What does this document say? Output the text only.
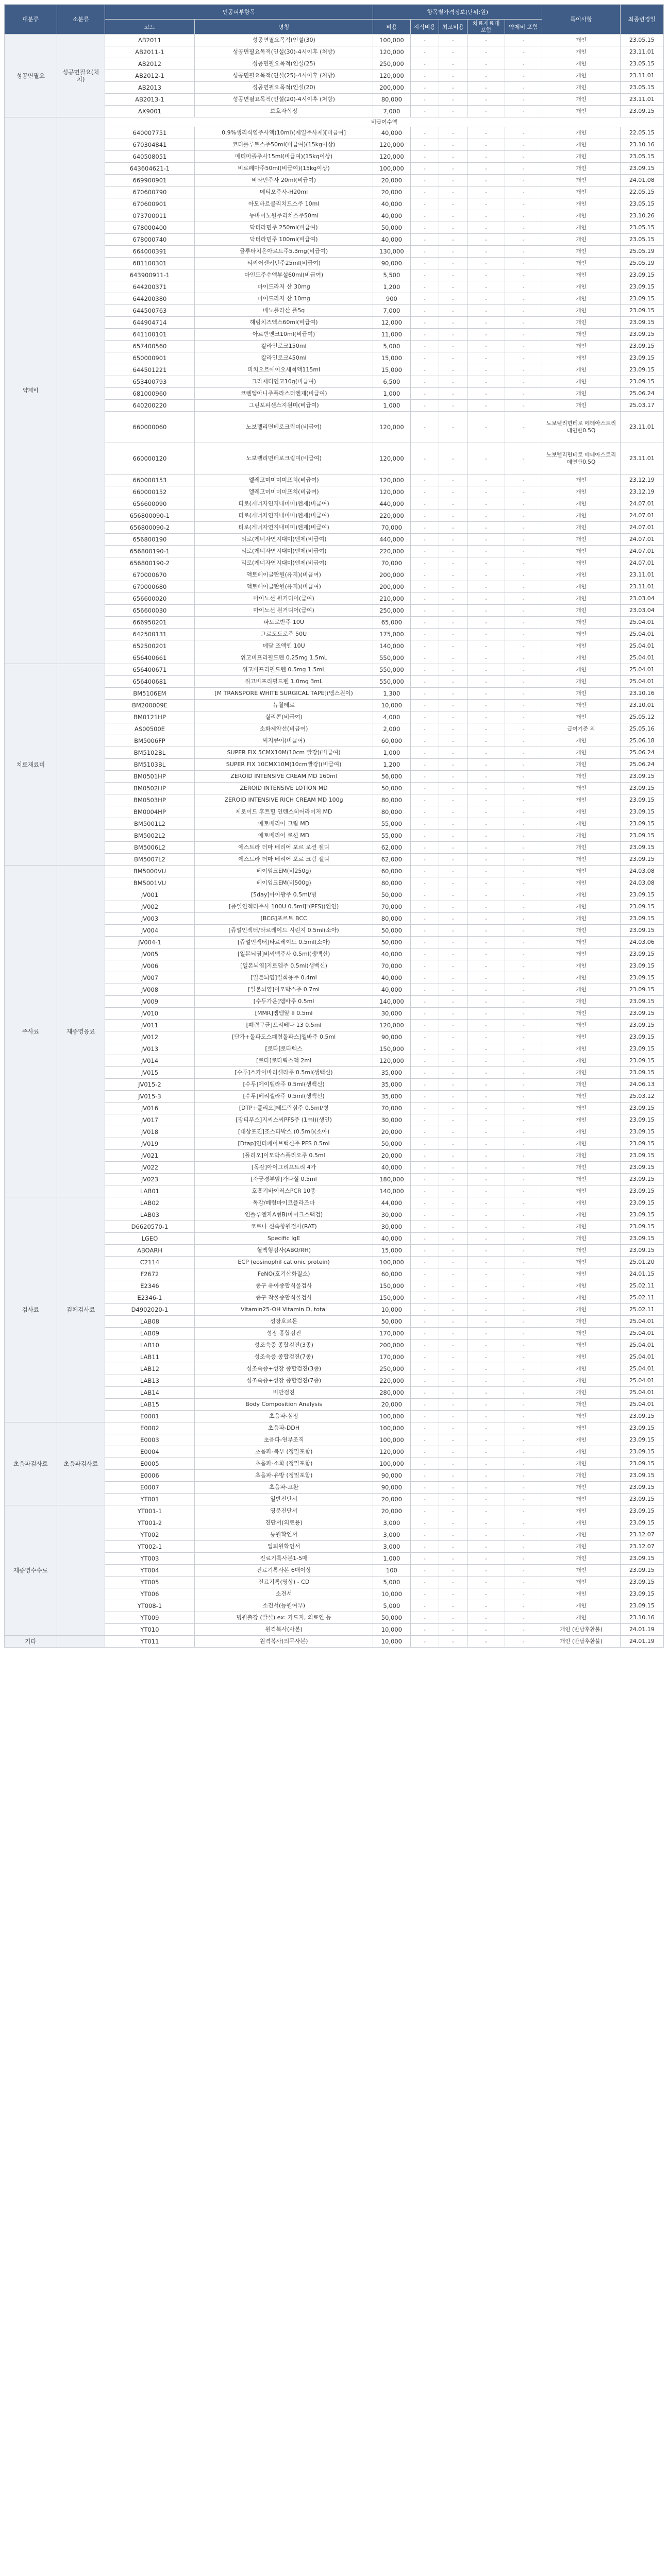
대분류	소분류	인공피부항목		항목별가격정보(단위:원)					특이사항	최종변경일
		코드	명칭	비용	지적비용	최고비용	치료재료대 포함	약제비 포함		
성공면필요	성공면필요(처치)	AB2011	성공면필요목적(인설(30)	100,000	-	-	-	-	개인	23.05.15
		AB2011-1	성공면필요목적(인설(30)-4시이후 (처방)	120,000	-	-	-	-	개인	23.11.01
		AB2012	성공면필요목적(인설(25)	250,000	-	-	-	-	개인	23.05.15
		AB2012-1	성공면필요목적(인설(25)-4시이후 (처방)	120,000	-	-	-	-	개인	23.11.01
		AB2013	성공면필요목적(인설(20)	200,000	-	-	-	-	개인	23.05.15
		AB2013-1	성공면필요목적(인설(20)-4시이후 (처방)	80,000	-	-	-	-	개인	23.11.01
		AX9001	보호자식정	7,000	-	-	-	-	개인	23.09.15
약제비		비급여수액								
		640007751	0.9%생리식염주사액(10ml)(제일주사제)[비급여]	40,000	-	-	-	-	개인	22.05.15
		670304841	코터롤루트스주50ml(비급여)(15kg이상)	120,000	-	-	-	-	개인	23.10.16
		640508051	메티마졸주사15ml(비급여)(15kg이상)	120,000	-	-	-	-	개인	23.05.15
		643604621-1	비로페마주50ml(비급여)(15kg이상)	100,000	-	-	-	-	개인	23.09.15
		669900901	비타민주사 20ml(비급여)	20,000	-	-	-	-	개인	24.01.08
		670600790	메티오주사-H20ml	20,000	-	-	-	-	개인	22.05.15
		670600901	아모바르콜리치드스주 10ml	40,000	-	-	-	-	개인	23.05.15
		073700011	뉴바이노원주리치스주50ml	40,000	-	-	-	-	개인	23.10.26
		678000400	닥터라민주 250ml(비급여)	50,000	-	-	-	-	개인	23.05.15
		678000740	닥터라민주 100ml(비급여)	40,000	-	-	-	-	개인	23.05.15
		664000391	글루타치온아르트주5.3mg(비급여)	130,000	-	-	-	-	개인	25.05.19
		681100301	티씨어센키던주25ml(비급여)	90,000	-	-	-	-	개인	25.05.19
		643900911-1	마인드주수액부설60ml(비급여)	5,500	-	-	-	-	개인	23.09.15
		644200371	마이드라저 산 30mg	1,200	-	-	-	-	개인	23.09.15
		644200380	마이드라저 산 10mg	900	-	-	-	-	개인	23.09.15
		644500763	베노플라산 플5g	7,000	-	-	-	-	개인	23.09.15
		644904714	해링치즈엑스60ml(비급여)	12,000	-	-	-	-	개인	23.09.15
		641100101	아르반엔크10ml(비급여)	11,000	-	-	-	-	개인	23.09.15
		657400560	칼라인로크150ml	5,000	-	-	-	-	개인	23.09.15
		650000901	칼라인로크450ml	15,000	-	-	-	-	개인	23.09.15
		644501221	피치오르에이오세척액115ml	15,000	-	-	-	-	개인	23.09.15
		653400793	크라제디연고10g(비급여)	6,500	-	-	-	-	개인	23.09.15
		681000960	코렌엠아니주플라스터엔제(비급여)	1,000	-	-	-	-	개인	25.06.24
		640200220	그린포피센스지원미(비급여)	1,000	-	-	-	-	개인	25.03.17
		660000060	노보렐리면테로크림미(비급여)	120,000	-	-	-	-	노보렐리면테로 메테아스트리데연반0.5Q	23.11.01
		660000120	노보렐리면테로크림미(비급여)	120,000	-	-	-	-	노보렐리면테로 메테아스트리데연반0.5Q	23.11.01
		660000153	엘레고미미미미프치(비급여)	120,000	-	-	-	-	개인	23.12.19
		660000152	엘레고미미미미프치(비급여)	120,000	-	-	-	-	개인	23.12.19
		656600090	티로(게너자연지내미미)엔제(비급여)	440,000	-	-	-	-	개인	24.07.01
		656800090-1	티로(게너자연지내미미)엔제(비급여)	220,000	-	-	-	-	개인	24.07.01
		656800090-2	티로(게너자연지내미미)엔제(비급여)	70,000	-	-	-	-	개인	24.07.01
		656800190	티로(게너자연지대미)엔제(비급여)	440,000	-	-	-	-	개인	24.07.01
		656800190-1	티로(게너자연지대미)엔제(비급여)	220,000	-	-	-	-	개인	24.07.01
		656800190-2	티로(게너자연지대미)엔제(비급여)	70,000	-	-	-	-	개인	24.07.01
		670000670	액토베이글탄원(유지)(비급여)	200,000	-	-	-	-	개인	23.11.01
		670000680	액토베이글탄원(유지)(비급여)	200,000	-	-	-	-	개인	23.11.01
		656600020	마이노선 원거디어(급여)	210,000	-	-	-	-	개인	23.03.04
		656600030	마이노선 원거디어(급여)	250,000	-	-	-	-	개인	23.03.04
		666950201	파도로반주 10U	65,000	-	-	-	-	개인	25.04.01
		642500131	그르도도로주 50U	175,000	-	-	-	-	개인	25.04.01
		652500201	메담 조액엔 10U	140,000	-	-	-	-	개인	25.04.01
		656400661	위고비프리필드펜 0.25mg 1.5mL	550,000	-	-	-	-	개인	25.04.01
치료재료비		656400671	위고비프리필드펜 0.5mg 1.5mL	550,000	-	-	-	-	개인	25.04.01
		656400681	위고비프리필드펜 1.0mg 3mL	550,000	-	-	-	-	개인	25.04.01
		BM5106EM	[M TRANSPORE WHITE SURGICAL TAPE](엠스원이)	1,300	-	-	-	-	개인	23.10.16
		BM200009E	뉴칠테르	10,000	-	-	-	-	개인	23.10.01
		BM0121HP	실리콘(비급여)	4,000	-	-	-	-	개인	25.05.12
		AS00500E	소화제약선(비급여)	2,000	-	-	-	-	급여기준 외	25.05.16
		BM5006FP	써지큐어(비급여)	60,000	-	-	-	-	개인	25.06.18
		BM5102BL	SUPER FIX 5CMX10M(10cm 빨강)(비급여)	1,000	-	-	-	-	개인	25.06.24
		BM5103BL	SUPER FIX 10CMX10M(10cm빨강)(비급여)	1,200	-	-	-	-	개인	25.06.24
		BM0501HP	ZEROID INTENSIVE CREAM MD 160ml	56,000	-	-	-	-	개인	23.09.15
		BM0502HP	ZEROID INTENSIVE LOTION MD	50,000	-	-	-	-	개인	23.09.15
		BM0503HP	ZEROID INTENSIVE RICH CREAM MD 100g	80,000	-	-	-	-	개인	23.09.15
		BM0004HP	제로이드 후트힐 인텐스히어라이저 MD	80,000	-	-	-	-	개인	23.09.15
		BM5001L2	에토베리어 크림 MD	55,000	-	-	-	-	개인	23.09.15
		BM5002L2	에토베리어 로션 MD	55,000	-	-	-	-	개인	23.09.15
		BM5006L2	에스트라 더마 베리어 포르 로션 젤디	62,000	-	-	-	-	개인	23.09.15
		BM5007L2	에스트라 더마 베리어 포르 크림 젤디	62,000	-	-	-	-	개인	23.09.15
주사료	제증명응료	BM5000VU	베이임크EM(비250g)	60,000	-	-	-	-	개인	24.03.08
		BM5001VU	베이임크EM(비500g)	80,000	-	-	-	-	개인	24.03.08
		JV001	[5day]아이광주 0.5ml/병	50,000	-	-	-	-	개인	23.09.15
		JV002	[쥬얼인젝터주사 100U 0.5ml]"(PFS)(인인)	70,000	-	-	-	-	개인	23.09.15
		JV003	[BCG]포르트 BCC	80,000	-	-	-	-	개인	23.09.15
		JV004	[쥬얼인젝터/타르레이드 시린지 0.5ml(소아)	50,000	-	-	-	-	개인	23.09.15
		JV004-1	[쥬얼인젝터]타르레이드 0.5ml(소아)	50,000	-	-	-	-	개인	24.03.06
		JV005	[일본뇌염]비씨백주사 0.5ml(생백신)	40,000	-	-	-	-	개인	23.09.15
		JV006	[일본뇌염]지로엠주 0.5ml(생백신)	70,000	-	-	-	-	개인	23.09.15
		JV007	[일본뇌염]일회용주 0.4ml	40,000	-	-	-	-	개인	23.09.15
		JV008	[일본뇌염]이모박스주 0.7ml	40,000	-	-	-	-	개인	23.09.15
		JV009	[수두가운]엠바주 0.5ml	140,000	-	-	-	-	개인	23.09.15
		JV010	[MMR]엠엠알 II 0.5ml	30,000	-	-	-	-	개인	23.09.15
		JV011	[폐렴구균]프리베나 13 0.5ml	120,000	-	-	-	-	개인	23.09.15
		JV012	[단가+돌파도스폐렴돌파스]엘바주 0.5ml	90,000	-	-	-	-	개인	23.09.15
		JV013	[로타]로타텍스	150,000	-	-	-	-	개인	23.09.15
		JV014	[로타]로타릭스액 2ml	120,000	-	-	-	-	개인	23.09.15
		JV015	[수두]스카이바리셀라주 0.5ml(생백신)	35,000	-	-	-	-	개인	23.09.15
		JV015-2	[수두]에이벨라주 0.5ml(생백신)	35,000	-	-	-	-	개인	24.06.13
		JV015-3	[수두]베리셀라주 0.5ml(생백신)	35,000	-	-	-	-	개인	25.03.12
		JV016	[DTP+폴리오]테트락심주 0.5ml/병	70,000	-	-	-	-	개인	23.09.15
		JV017	[장티푸스]지씨스씨PFS주 (1ml)(생인)	30,000	-	-	-	-	개인	23.09.15
		JV018	[대상포진]조스타박스 (0.5ml)(소아)	20,000	-	-	-	-	개인	23.09.15
		JV019	[Dtap]인터페이브백신주 PFS 0.5ml	50,000	-	-	-	-	개인	23.09.15
		JV021	[폴리오]이모박스폴리오주 0.5ml	20,000	-	-	-	-	개인	23.09.15
		JV022	[독감]아이그리프트리 4가	40,000	-	-	-	-	개인	23.09.15
		JV023	[자궁경부암]가다실 0.5ml	180,000	-	-	-	-	개인	23.09.15
		LAB01	호흡기바이러스PCR 10종	140,000	-	-	-	-	개인	23.09.15
검사료	검체검사료	LAB02	독감/폐렴마이코플라즈마	44,000	-	-	-	-	개인	23.09.15
		LAB03	인플루엔자A형B(마이크스팩검)	30,000	-	-	-	-	개인	23.09.15
		D6620570-1	코로나 신속항원검사(RAT)	30,000	-	-	-	-	개인	23.09.15
		LGEO	Specific IgE	40,000	-	-	-	-	개인	23.09.15
		ABOARH	혈액형검사(ABO/RH)	15,000	-	-	-	-	개인	23.09.15
		C2114	ECP (eosinophil cationic protein)	100,000	-	-	-	-	개인	25.01.20
		F2672	FeNO(호기산화질소)	60,000	-	-	-	-	개인	24.01.15
		E2346	종구 유아종합식물검사	150,000	-	-	-	-	개인	25.02.11
		E2346-1	종구 작물종합식물검사	150,000	-	-	-	-	개인	25.02.11
		D4902020-1	Vitamin25-OH Vitamin D, total	10,000	-	-	-	-	개인	25.02.11
		LAB08	성장호르몬	50,000	-	-	-	-	개인	25.04.01
		LAB09	성장 종합검진	170,000	-	-	-	-	개인	25.04.01
		LAB10	성조숙증 종합검진(3종)	200,000	-	-	-	-	개인	25.04.01
		LAB11	성조숙증 종합검진(7종)	170,000	-	-	-	-	개인	25.04.01
		LAB12	성조숙증+성장 종합검진(3종)	250,000	-	-	-	-	개인	25.04.01
		LAB13	성조숙증+성장 종합검진(7종)	220,000	-	-	-	-	개인	25.04.01
		LAB14	비만검진	280,000	-	-	-	-	개인	25.04.01
		LAB15	Body Composition Analysis	20,000	-	-	-	-	개인	25.04.01
		E0001	초음파-심장	100,000	-	-	-	-	개인	23.09.15
초음파검사료	초음파검사료	E0002	초음파-DDH	100,000	-	-	-	-	개인	23.09.15
		E0003	초음파-연부조직	100,000	-	-	-	-	개인	23.09.15
		E0004	초음파-복부 (정밀포함)	120,000	-	-	-	-	개인	23.09.15
		E0005	초음파-소화 (정밀포함)	100,000	-	-	-	-	개인	23.09.15
		E0006	초음파-유방 (정밀포함)	90,000	-	-	-	-	개인	23.09.15
		E0007	초음파-고환	90,000	-	-	-	-	개인	23.09.15
		YT001	일반진단서	20,000	-	-	-	-	개인	23.09.15
제증명수수료		YT001-1	영문진단서	20,000	-	-	-	-	개인	23.09.15
		YT001-2	진단서(의료용)	3,000	-	-	-	-	개인	23.09.15
		YT002	통원확인서	3,000	-	-	-	-	개인	23.12.07
		YT002-1	입퇴원확인서	3,000	-	-	-	-	개인	23.12.07
		YT003	진료기록사본1-5매	1,000	-	-	-	-	개인	23.09.15
		YT004	진료기록사본 6매이상	100	-	-	-	-	개인	23.09.15
		YT005	진료기록(영상) - CD	5,000	-	-	-	-	개인	23.09.15
		YT006	소견서	10,000	-	-	-	-	개인	23.09.15
		YT008-1	소견서(등원여부)	5,000	-	-	-	-	개인	23.09.15
		YT009	병원출장 (발설) ex: 카드지, 의료인 등	50,000	-	-	-	-	개인	23.10.16
		YT010	원격복사(사본)	10,000	-	-	-	-	개인 (반납후환불)	24.01.19
기타		YT011	원격복사(의무사본)	10,000	-	-	-	-	개인 (반납후환불)	24.01.19
